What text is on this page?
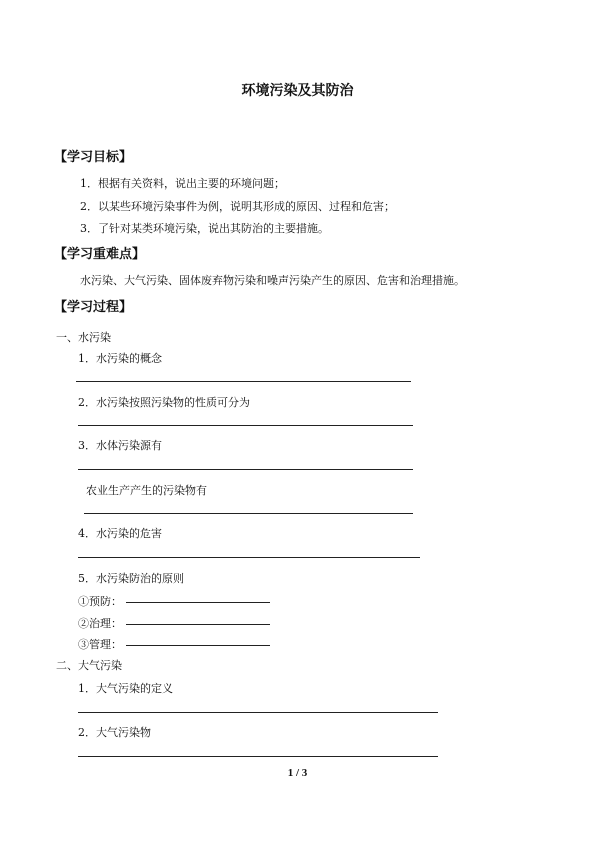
环境污染及其防治
【学习目标】
1．根据有关资料，说出主要的环境问题；
2．以某些环境污染事件为例，说明其形成的原因、过程和危害；
3．了针对某类环境污染，说出其防治的主要措施。
【学习重难点】
水污染、大气污染、固体废弃物污染和噪声污染产生的原因、危害和治理措施。
【学习过程】
一、水污染
1．水污染的概念
2．水污染按照污染物的性质可分为
3．水体污染源有
农业生产产生的污染物有
4．水污染的危害
5．水污染防治的原则
①预防：
②治理：
③管理：
二、大气污染
1．大气污染的定义
2．大气污染物
1 / 3
